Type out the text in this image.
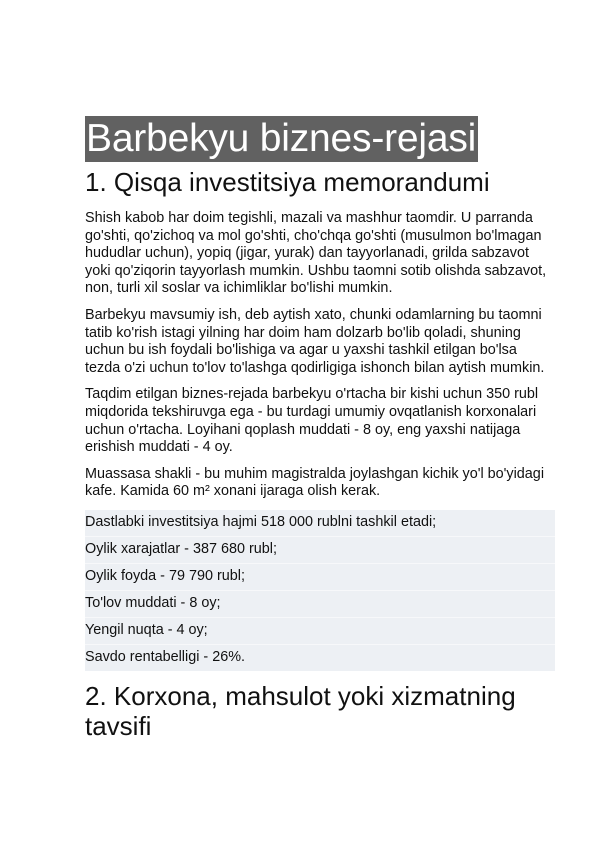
Barbekyu biznes-rejasi
1. Qisqa investitsiya memorandumi

Shish kabob har doim tegishli, mazali va mashhur taomdir. U parranda go'shti, qo'zichoq va mol go'shti, cho'chqa go'shti (musulmon bo'lmagan hududlar uchun), yopiq (jigar, yurak) dan tayyorlanadi, grilda sabzavot yoki qo'ziqorin tayyorlash mumkin. Ushbu taomni sotib olishda sabzavot, non, turli xil soslar va ichimliklar bo'lishi mumkin.

Barbekyu mavsumiy ish, deb aytish xato, chunki odamlarning bu taomni tatib ko'rish istagi yilning har doim ham dolzarb bo'lib qoladi, shuning uchun bu ish foydali bo'lishiga va agar u yaxshi tashkil etilgan bo'lsa tezda o'zi uchun to'lov to'lashga qodirligiga ishonch bilan aytish mumkin.

Taqdim etilgan biznes-rejada barbekyu o'rtacha bir kishi uchun 350 rubl miqdorida tekshiruvga ega - bu turdagi umumiy ovqatlanish korxonalari uchun o'rtacha. Loyihani qoplash muddati - 8 oy, eng yaxshi natijaga erishish muddati - 4 oy.

Muassasa shakli - bu muhim magistralda joylashgan kichik yo'l bo'yidagi kafe. Kamida 60 m² xonani ijaraga olish kerak.

Dastlabki investitsiya hajmi 518 000 rublni tashkil etadi;
Oylik xarajatlar - 387 680 rubl;
Oylik foyda - 79 790 rubl;
To'lov muddati - 8 oy;
Yengil nuqta - 4 oy;
Savdo rentabelligi - 26%.
2. Korxona, mahsulot yoki xizmatning tavsifi
